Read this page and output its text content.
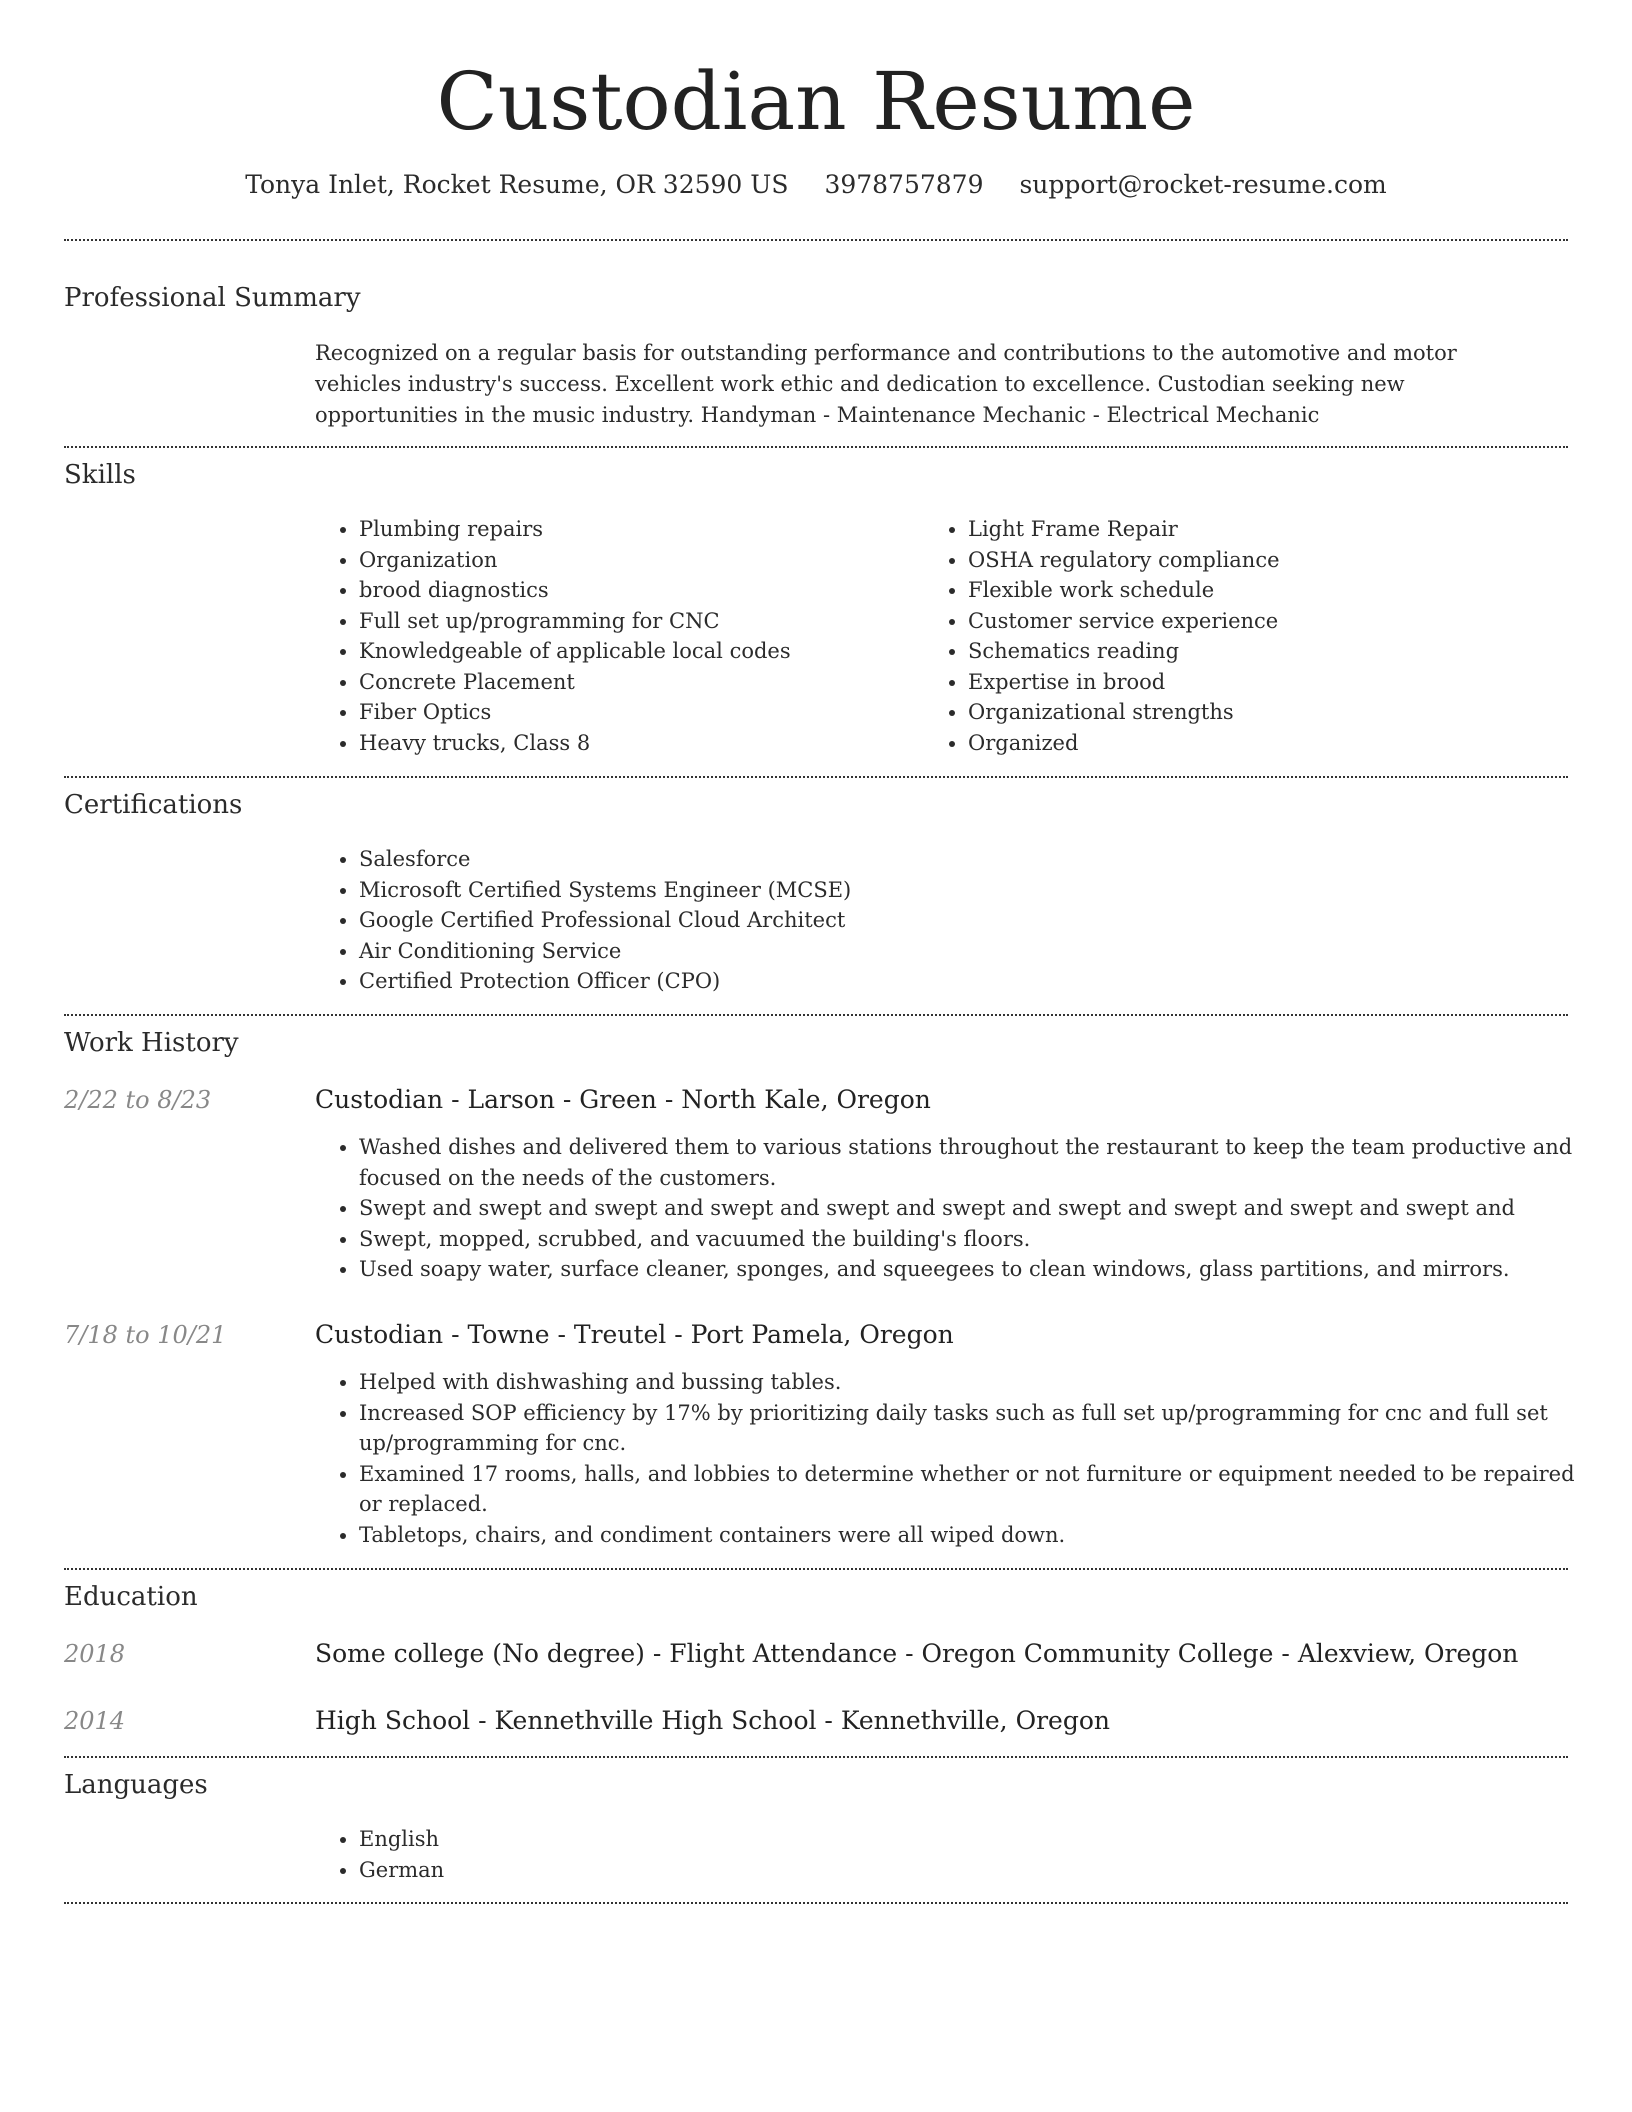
Custodian Resume
Tonya Inlet, Rocket Resume, OR 32590 US 3978757879 support@rocket-resume.com
Professional Summary

Recognized on a regular basis for outstanding performance and contributions to the automotive and motor vehicles industry's success. Excellent work ethic and dedication to excellence. Custodian seeking new opportunities in the music industry. Handyman - Maintenance Mechanic - Electrical Mechanic

Skills
• Plumbing repairs
• Organization
• brood diagnostics
• Full set up/programming for CNC
• Knowledgeable of applicable local codes
• Concrete Placement
• Fiber Optics
• Heavy trucks, Class 8
• Light Frame Repair
• OSHA regulatory compliance
• Flexible work schedule
• Customer service experience
• Schematics reading
• Expertise in brood
• Organizational strengths
• Organized
Certifications
• Salesforce
• Microsoft Certified Systems Engineer (MCSE)
• Google Certified Professional Cloud Architect
• Air Conditioning Service
• Certified Protection Officer (CPO)
Work History
2/22 to 8/23	Custodian - Larson - Green - North Kale, Oregon
• Washed dishes and delivered them to various stations throughout the restaurant to keep the team productive and focused on the needs of the customers.
• Swept and swept and swept and swept and swept and swept and swept and swept and swept and swept and
• Swept, mopped, scrubbed, and vacuumed the building's floors.
• Used soapy water, surface cleaner, sponges, and squeegees to clean windows, glass partitions, and mirrors.
7/18 to 10/21	Custodian - Towne - Treutel - Port Pamela, Oregon
• Helped with dishwashing and bussing tables.
• Increased SOP efficiency by 17% by prioritizing daily tasks such as full set up/programming for cnc and full set up/programming for cnc.
• Examined 17 rooms, halls, and lobbies to determine whether or not furniture or equipment needed to be repaired or replaced.
• Tabletops, chairs, and condiment containers were all wiped down.
Education
2018	Some college (No degree) - Flight Attendance - Oregon Community College - Alexview, Oregon
2014	High School - Kennethville High School - Kennethville, Oregon
Languages
• English
• German
